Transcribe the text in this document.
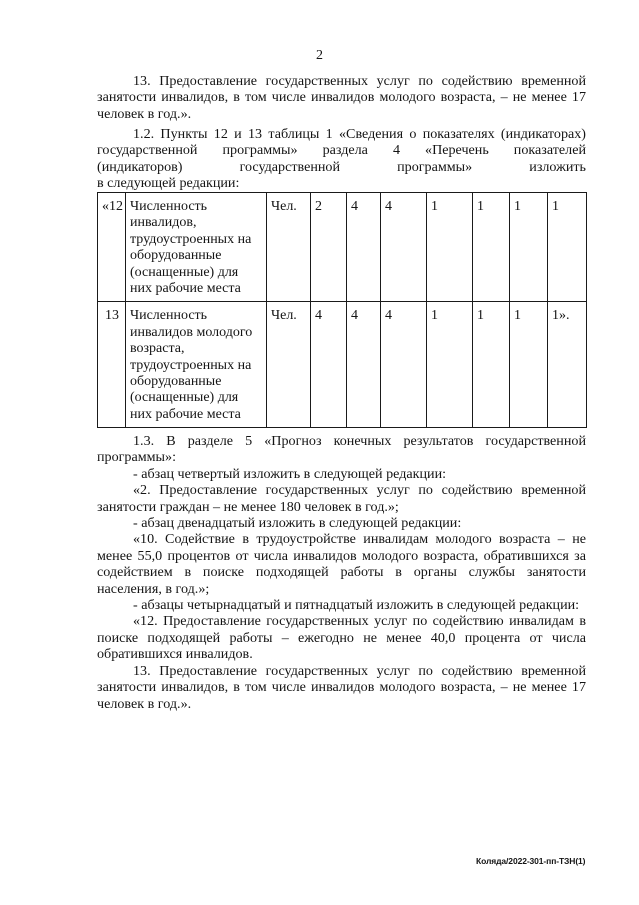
2

13. Предоставление государственных услуг по содействию временной занятости инвалидов, в том числе инвалидов молодого возраста, – не менее 17 человек в год.».

1.2. Пункты 12 и 13 таблицы 1 «Сведения о показателях (индикаторах)

государственной программы» раздела 4 «Перечень показателей

(индикаторов) государственной программы» изложить

в следующей редакции:

«12	Численность инвалидов, трудоустроенных на оборудованные (оснащенные) для них рабочие места	Чел.	2	4	4	1	1	1	1
13	Численность инвалидов молодого возраста, трудоустроенных на оборудованные (оснащенные) для них рабочие места	Чел.	4	4	4	1	1	1	1».

1.3. В разделе 5 «Прогноз конечных результатов государственной программы»:

- абзац четвертый изложить в следующей редакции:

«2. Предоставление государственных услуг по содействию временной занятости граждан – не менее 180 человек в год.»;

- абзац двенадцатый изложить в следующей редакции:

«10. Содействие в трудоустройстве инвалидам молодого возраста – не менее 55,0 процентов от числа инвалидов молодого возраста, обратившихся за содействием в поиске подходящей работы в органы службы занятости населения, в год.»;

- абзацы четырнадцатый и пятнадцатый изложить в следующей редакции:

«12. Предоставление государственных услуг по содействию инвалидам в поиске подходящей работы – ежегодно не менее 40,0 процента от числа обратившихся инвалидов.

13. Предоставление государственных услуг по содействию временной занятости инвалидов, в том числе инвалидов молодого возраста, – не менее 17 человек в год.».

Коляда/2022-301-пп-ТЗН(1)
